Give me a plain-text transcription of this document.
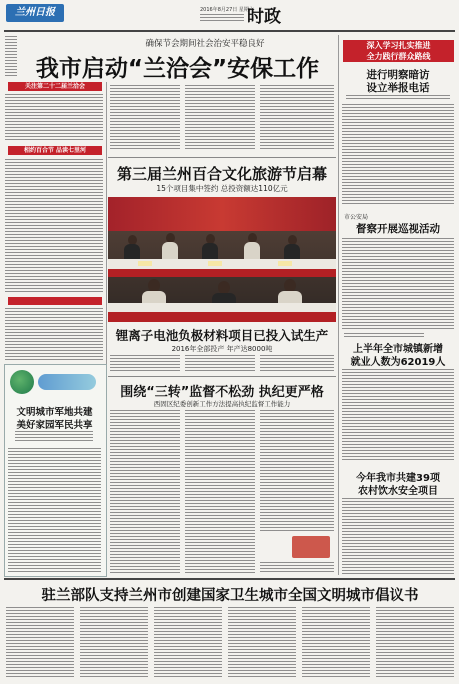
兰州日报	2016年8月27日 星期六
时政
确保节会期间社会治安平稳良好
我市启动“兰洽会”安保工作
关注第二十二届兰洽会
相约百合节 品读七里河
第三届兰州百合文化旅游节启幕
15个项目集中签约 总投资额达110亿元
锂离子电池负极材料项目已投入试生产
2016年全部投产 年产达8000吨
围绕“三转”监督不松劲 执纪更严格
西固区纪委创新工作方法提高执纪监督工作能力
文明城市军地共建
美好家园军民共享
深入学习扎实推进
全力践行群众路线
进行明察暗访
设立举报电话
市公安局
督察开展巡视活动
上半年全市城镇新增
就业人数为62019人
今年我市共建39项
农村饮水安全项目
驻兰部队支持兰州市创建国家卫生城市全国文明城市倡议书
